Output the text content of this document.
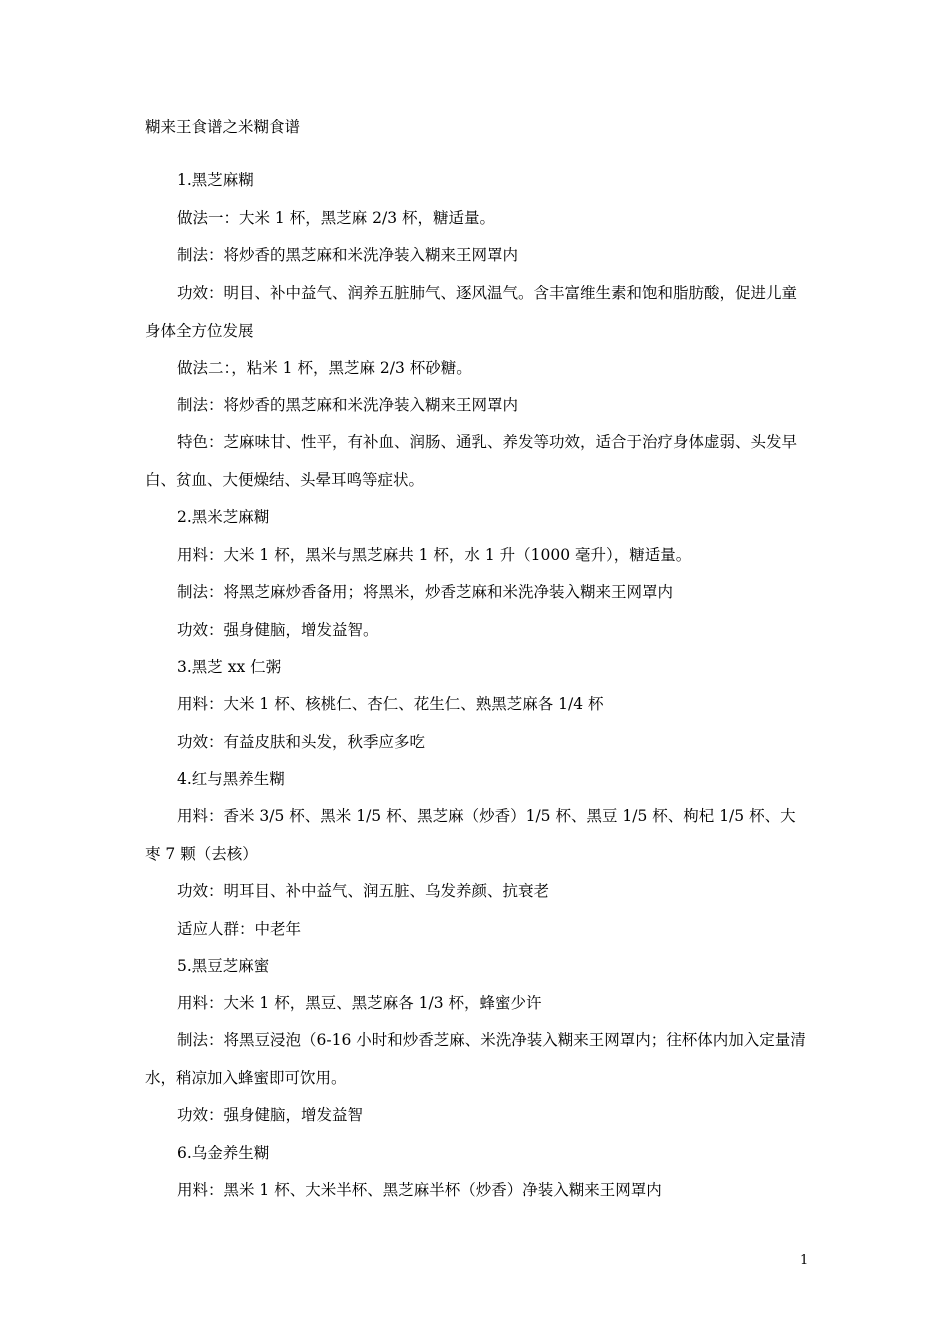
糊来王食谱之米糊食谱

1.黑芝麻糊

做法一：大米 1 杯，黑芝麻 2/3 杯，糖适量。

制法：将炒香的黑芝麻和米洗净装入糊来王网罩内

功效：明目、补中益气、润养五脏肺气、逐风温气。含丰富维生素和饱和脂肪酸，促进儿童身体全方位发展

做法二：，粘米 1 杯，黑芝麻 2/3 杯砂糖。

制法：将炒香的黑芝麻和米洗净装入糊来王网罩内

特色：芝麻味甘、性平，有补血、润肠、通乳、养发等功效，适合于治疗身体虚弱、头发早白、贫血、大便燥结、头晕耳鸣等症状。

2.黑米芝麻糊

用料：大米 1 杯，黑米与黑芝麻共 1 杯，水 1 升（1000 毫升），糖适量。

制法：将黑芝麻炒香备用；将黑米，炒香芝麻和米洗净装入糊来王网罩内

功效：强身健脑，增发益智。

3.黑芝 xx 仁粥

用料：大米 1 杯、核桃仁、杏仁、花生仁、熟黑芝麻各 1/4 杯

功效：有益皮肤和头发，秋季应多吃

4.红与黑养生糊

用料：香米 3/5 杯、黑米 1/5 杯、黑芝麻（炒香）1/5 杯、黑豆 1/5 杯、枸杞 1/5 杯、大枣 7 颗（去核）

功效：明耳目、补中益气、润五脏、乌发养颜、抗衰老

适应人群：中老年

5.黑豆芝麻蜜

用料：大米 1 杯，黑豆、黑芝麻各 1/3 杯，蜂蜜少许

制法：将黑豆浸泡（6-16 小时和炒香芝麻、米洗净装入糊来王网罩内；往杯体内加入定量清水，稍凉加入蜂蜜即可饮用。

功效：强身健脑，增发益智

6.乌金养生糊

用料：黑米 1 杯、大米半杯、黑芝麻半杯（炒香）净装入糊来王网罩内

1
